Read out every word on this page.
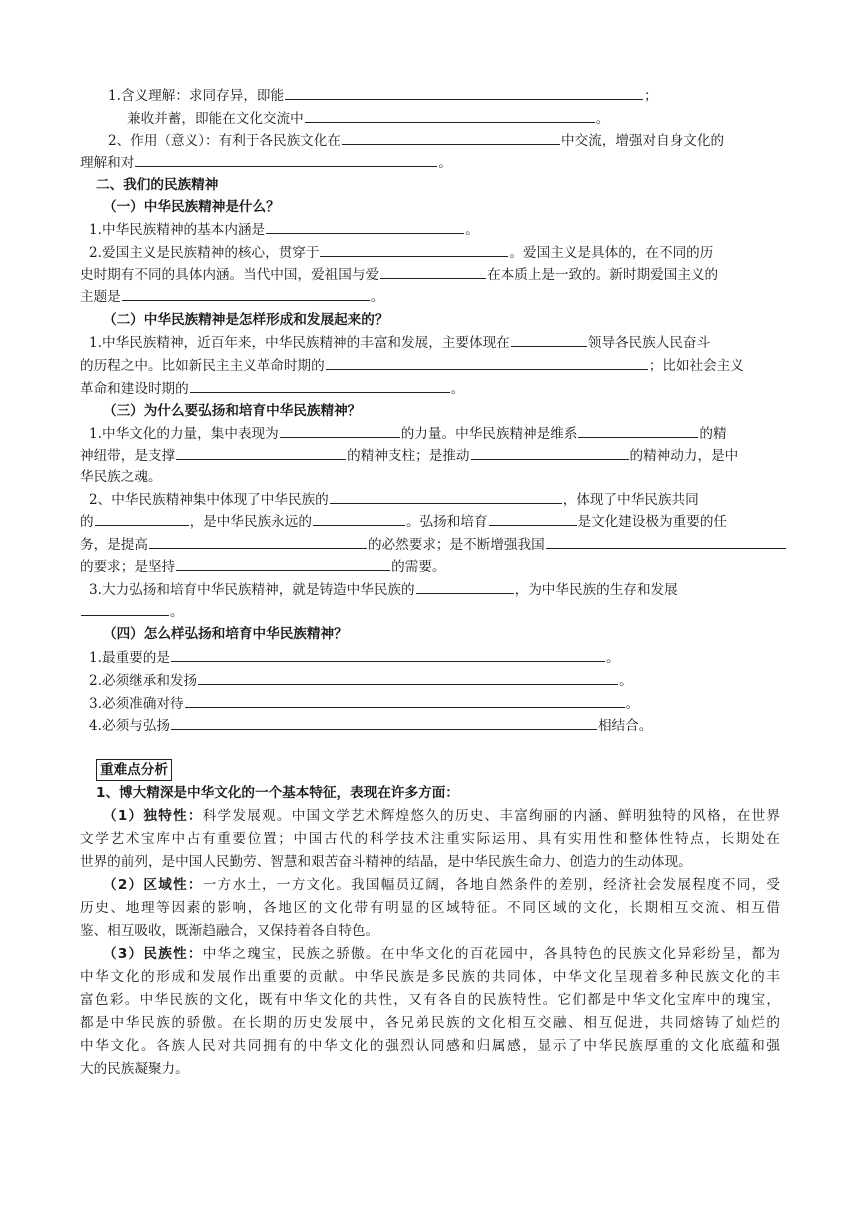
1.含义理解：求同存异，即能	；
兼收并蓄，即能在文化交流中	。
2、作用（意义）：有利于各民族文化在	中交流，增强对自身文化的
理解和对	。
二、我们的民族精神
（一）中华民族精神是什么？
1.中华民族精神的基本内涵是	。
2.爱国主义是民族精神的核心，贯穿于	。爱国主义是具体的，在不同的历
史时期有不同的具体内涵。当代中国，爱祖国与爱	在本质上是一致的。新时期爱国主义的
主题是	。
（二）中华民族精神是怎样形成和发展起来的？
1.中华民族精神，近百年来，中华民族精神的丰富和发展，主要体现在	领导各民族人民奋斗
的历程之中。比如新民主主义革命时期的	；比如社会主义
革命和建设时期的	。
（三）为什么要弘扬和培育中华民族精神？
1.中华文化的力量，集中表现为	的力量。中华民族精神是维系	的精
神纽带，是支撑	的精神支柱；是推动	的精神动力，是中
华民族之魂。
2、中华民族精神集中体现了中华民族的	，体现了中华民族共同
的	，是中华民族永远的	。弘扬和培育	是文化建设极为重要的任
务，是提高	的必然要求；是不断增强我国
的要求；是坚持	的需要。
3.大力弘扬和培育中华民族精神，就是铸造中华民族的	，为中华民族的生存和发展
。
（四）怎么样弘扬和培育中华民族精神？
1.最重要的是	。
2.必须继承和发扬	。
3.必须准确对待	。
4.必须与弘扬	相结合。
重难点分析
1、博大精深是中华文化的一个基本特征，表现在许多方面：
（1）独特性：科学发展观。中国文学艺术辉煌悠久的历史、丰富绚丽的内涵、鲜明独特的风格，在世界
文学艺术宝库中占有重要位置；中国古代的科学技术注重实际运用、具有实用性和整体性特点，长期处在
世界的前列，是中国人民勤劳、智慧和艰苦奋斗精神的结晶，是中华民族生命力、创造力的生动体现。
（2）区域性：一方水土，一方文化。我国幅员辽阔，各地自然条件的差别，经济社会发展程度不同，受
历史、地理等因素的影响，各地区的文化带有明显的区域特征。不同区域的文化，长期相互交流、相互借
鉴、相互吸收，既渐趋融合，又保持着各自特色。
（3）民族性：中华之瑰宝，民族之骄傲。在中华文化的百花园中，各具特色的民族文化异彩纷呈，都为
中华文化的形成和发展作出重要的贡献。中华民族是多民族的共同体，中华文化呈现着多种民族文化的丰
富色彩。中华民族的文化，既有中华文化的共性，又有各自的民族特性。它们都是中华文化宝库中的瑰宝，
都是中华民族的骄傲。在长期的历史发展中，各兄弟民族的文化相互交融、相互促进，共同熔铸了灿烂的
中华文化。各族人民对共同拥有的中华文化的强烈认同感和归属感，显示了中华民族厚重的文化底蕴和强
大的民族凝聚力。
